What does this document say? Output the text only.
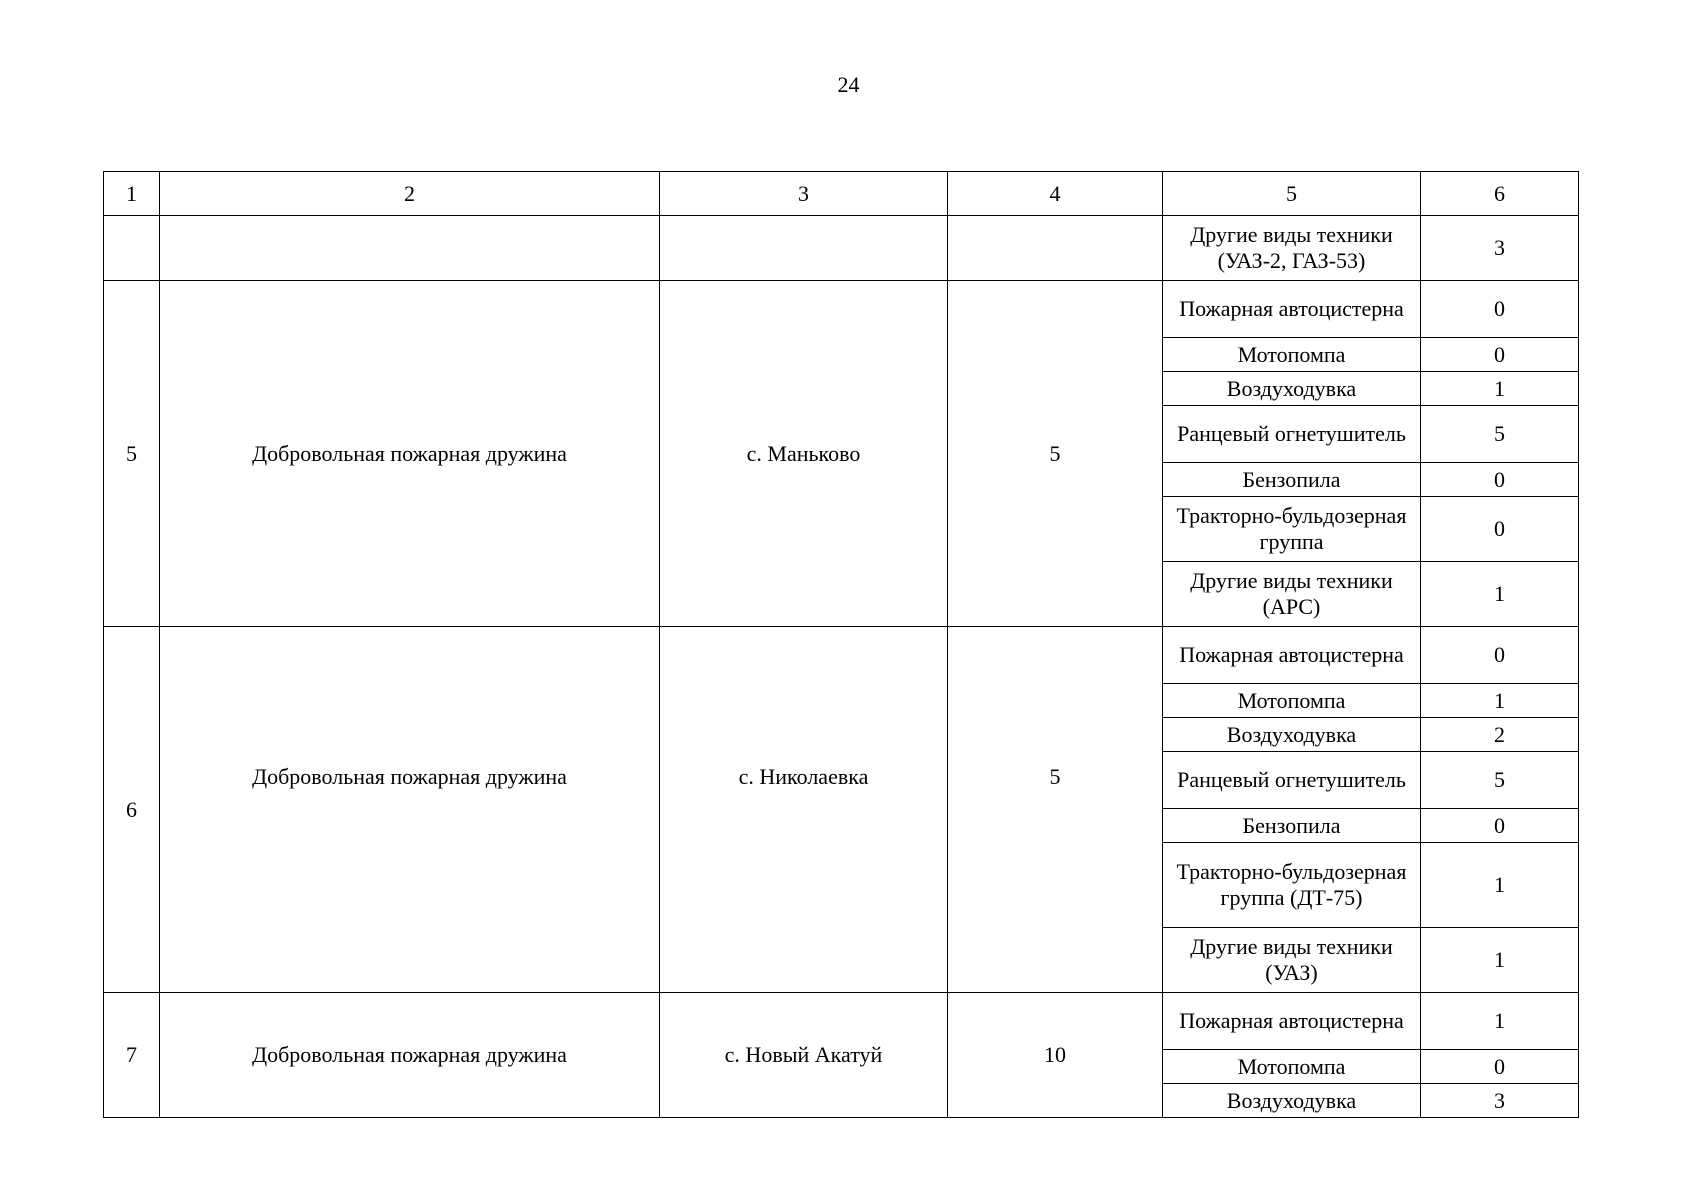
24
1	2	3	4	5	6
				Другие виды техники (УАЗ-2, ГАЗ-53)	3
5	Добровольная пожарная дружина	с. Маньково	5	Пожарная автоцистерна	0
				Мотопомпа	0
				Воздуходувка	1
				Ранцевый огнетушитель	5
				Бензопила	0
				Тракторно-бульдозерная группа	0
				Другие виды техники (АРС)	1
6	Добровольная пожарная дружина	с. Николаевка	5	Пожарная автоцистерна	0
				Мотопомпа	1
				Воздуходувка	2
				Ранцевый огнетушитель	5
				Бензопила	0
				Тракторно-бульдозерная группа (ДТ-75)	1
				Другие виды техники (УАЗ)	1
7	Добровольная пожарная дружина	с. Новый Акатуй	10	Пожарная автоцистерна	1
				Мотопомпа	0
				Воздуходувка	3
